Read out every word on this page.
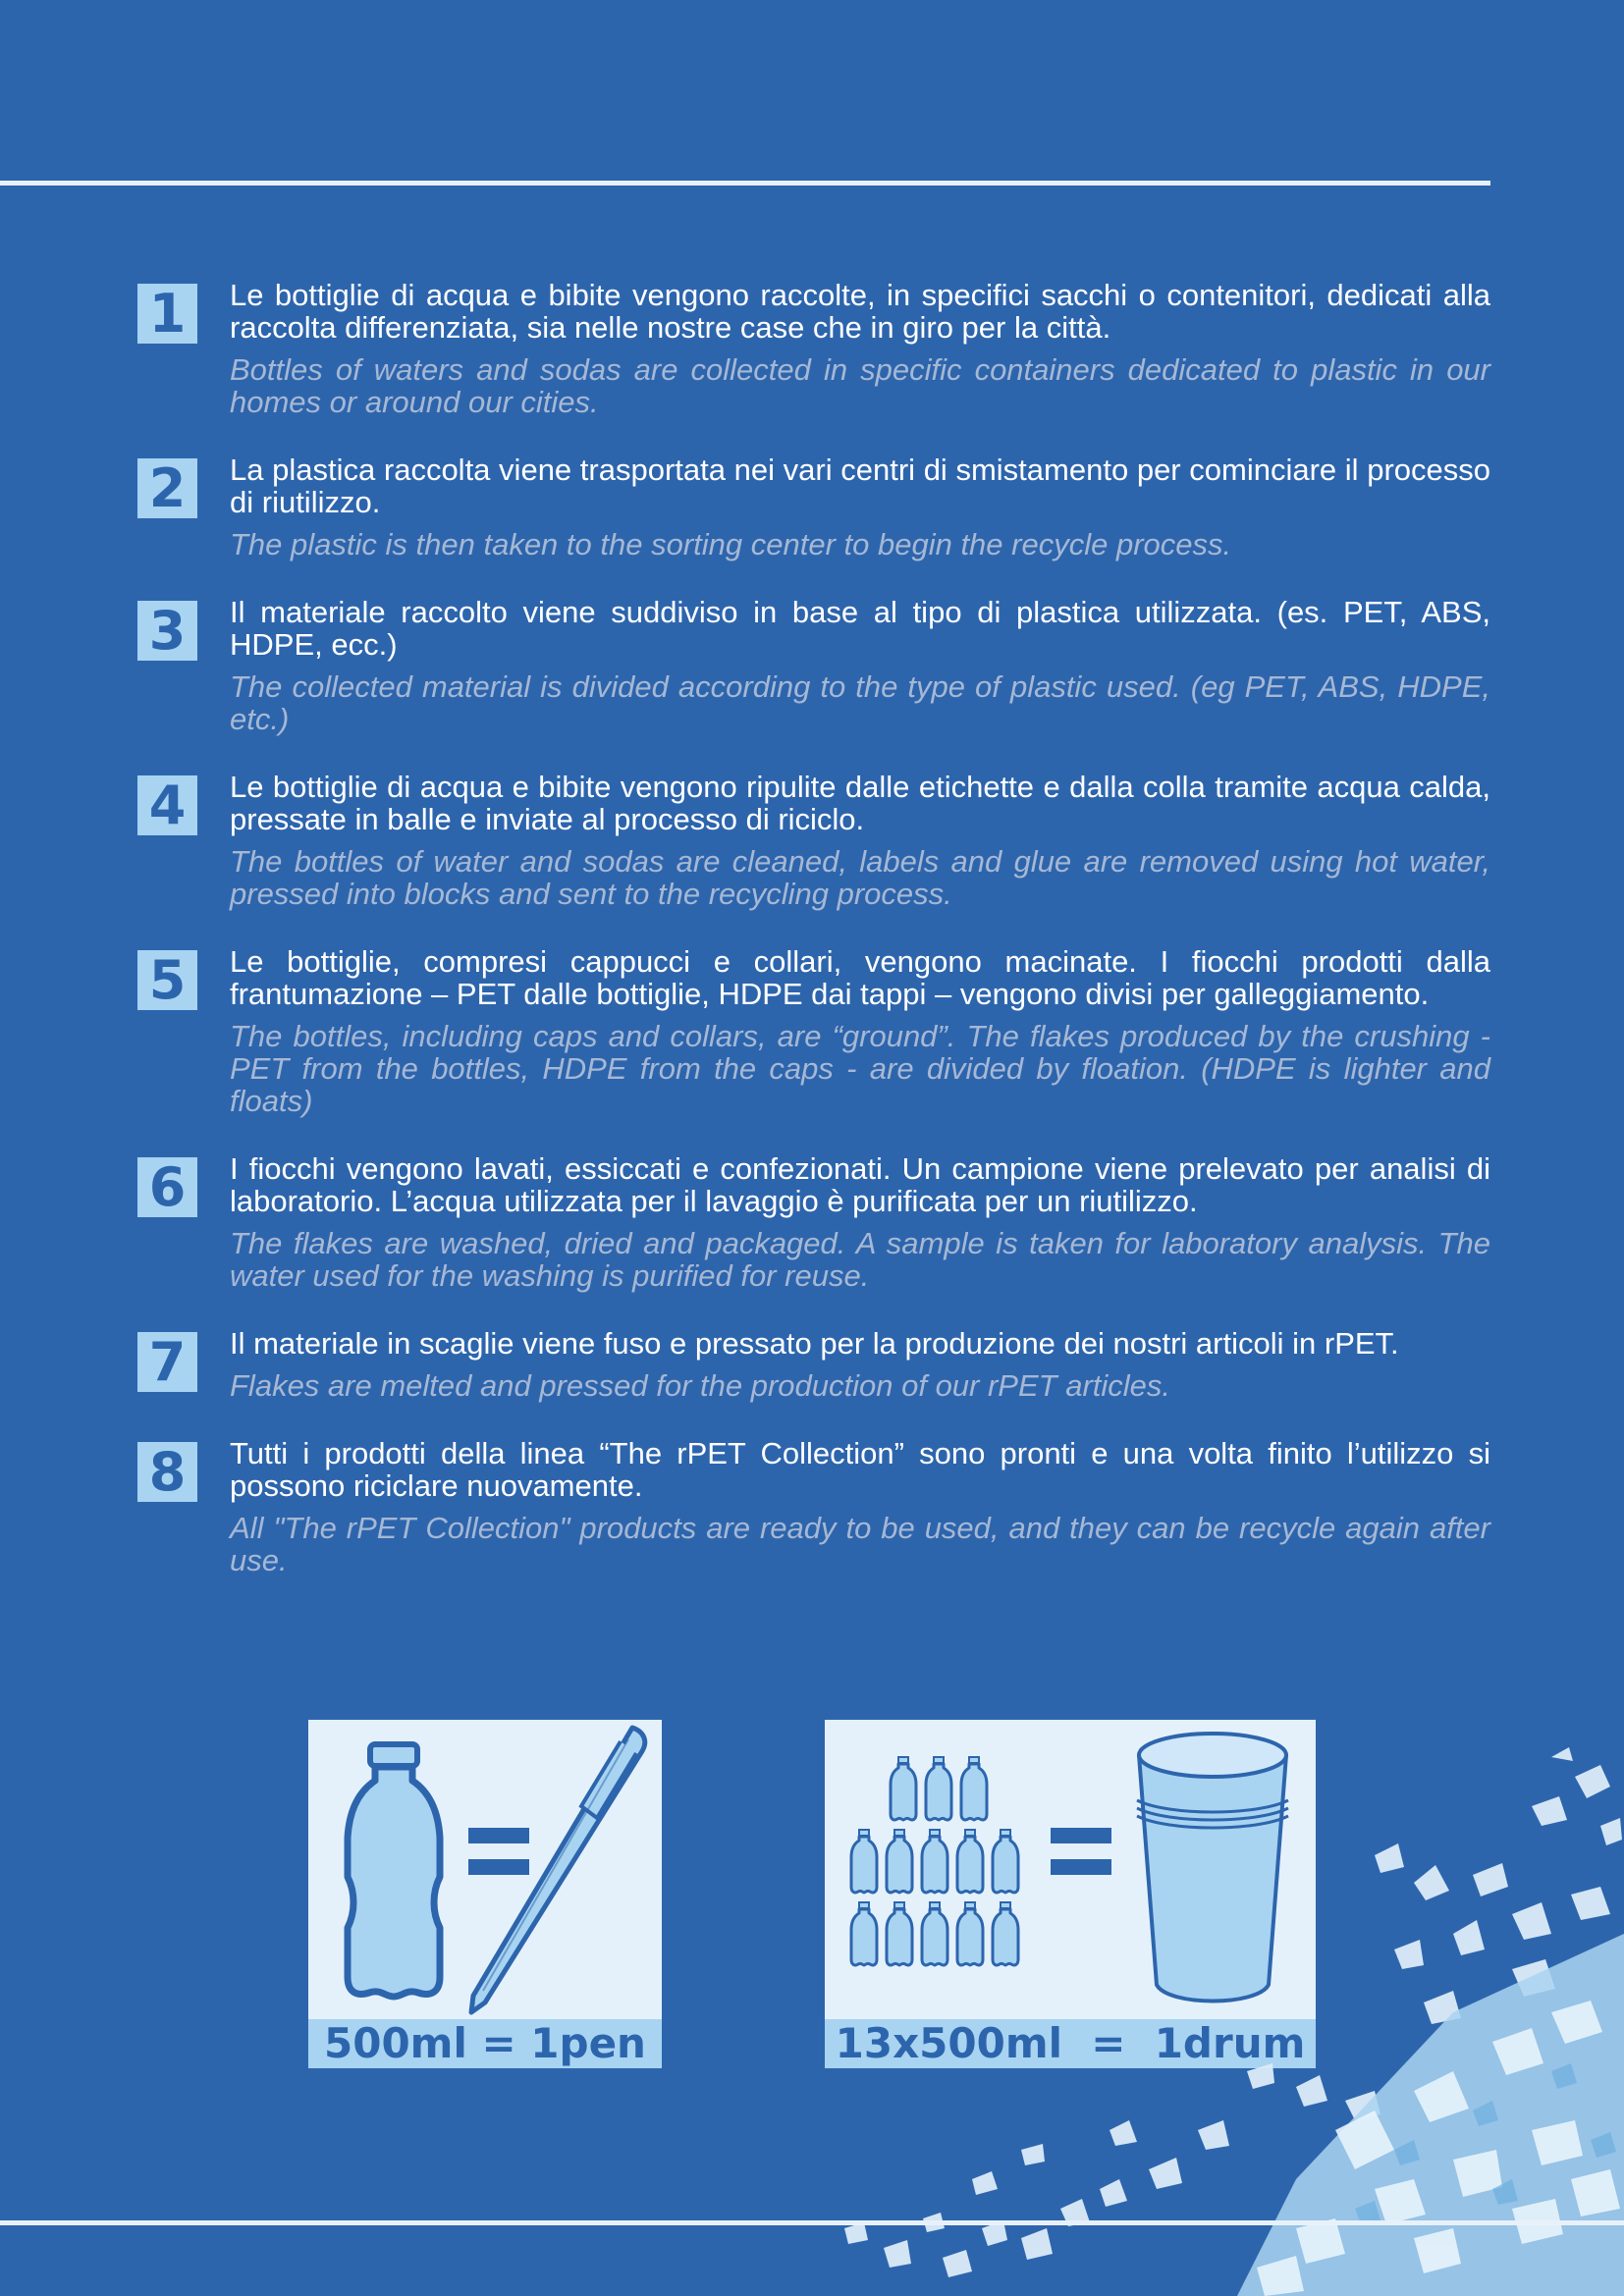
1	Le bottiglie di acqua e bibite vengono raccolte, in specifici sacchi o contenitori, dedicati alla raccolta differenziata, sia nelle nostre case che in giro per la città.
Bottles of waters and sodas are collected in specific containers dedicated to plastic in our homes or around our cities.
2	La plastica raccolta viene trasportata nei vari centri di smistamento per cominciare il processo di riutilizzo.
The plastic is then taken to the sorting center to begin the recycle process.
3	Il materiale raccolto viene suddiviso in base al tipo di plastica utilizzata. (es. PET, ABS, HDPE, ecc.)
The collected material is divided according to the type of plastic used. (eg PET, ABS, HDPE, etc.)
4	Le bottiglie di acqua e bibite vengono ripulite dalle etichette e dalla colla tramite acqua calda, pressate in balle e inviate al processo di riciclo.
The bottles of water and sodas are cleaned, labels and glue are removed using hot water, pressed into blocks and sent to the recycling process.
5	Le bottiglie, compresi cappucci e collari, vengono macinate. I fiocchi prodotti dalla frantumazione – PET dalle bottiglie, HDPE dai tappi – vengono divisi per galleggiamento.
The bottles, including caps and collars, are “ground”. The flakes produced by the crushing - PET from the bottles, HDPE from the caps - are divided by floation. (HDPE is lighter and floats)
6	I fiocchi vengono lavati, essiccati e confezionati. Un campione viene prelevato per analisi di laboratorio. L’acqua utilizzata per il lavaggio è purificata per un riutilizzo.
The flakes are washed, dried and packaged. A sample is taken for laboratory analysis. The water used for the washing is purified for reuse.
7	Il materiale in scaglie viene fuso e pressato per la produzione dei nostri articoli in rPET.
Flakes are melted and pressed for the production of our rPET articles.
8	Tutti i prodotti della linea “The rPET Collection” sono pronti e una volta finito l’utilizzo si possono riciclare nuovamente.
All "The rPET Collection" products are ready to be used, and they can be recycle again after use.
500ml = 1pen	13x500ml  =  1drum
